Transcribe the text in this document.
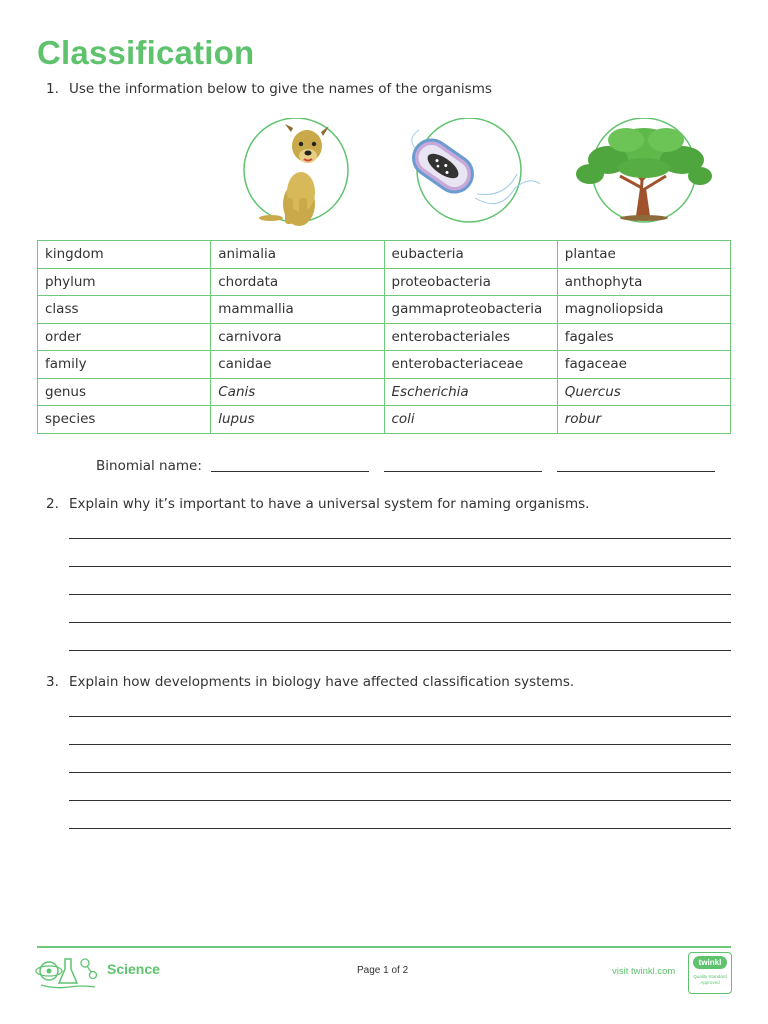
Classification
1. Use the information below to give the names of the organisms
kingdom	animalia	eubacteria	plantae
phylum	chordata	proteobacteria	anthophyta
class	mammallia	gammaproteobacteria	magnoliopsida
order	carnivora	enterobacteriales	fagales
family	canidae	enterobacteriaceae	fagaceae
genus	Canis	Escherichia	Quercus
species	lupus	coli	robur
Binomial name:
2. Explain why it’s important to have a universal system for naming organisms.
3. Explain how developments in biology have affected classification systems.
Science	Page 1 of 2	visit twinkl.com
twinkl
Quality Standard Approved
